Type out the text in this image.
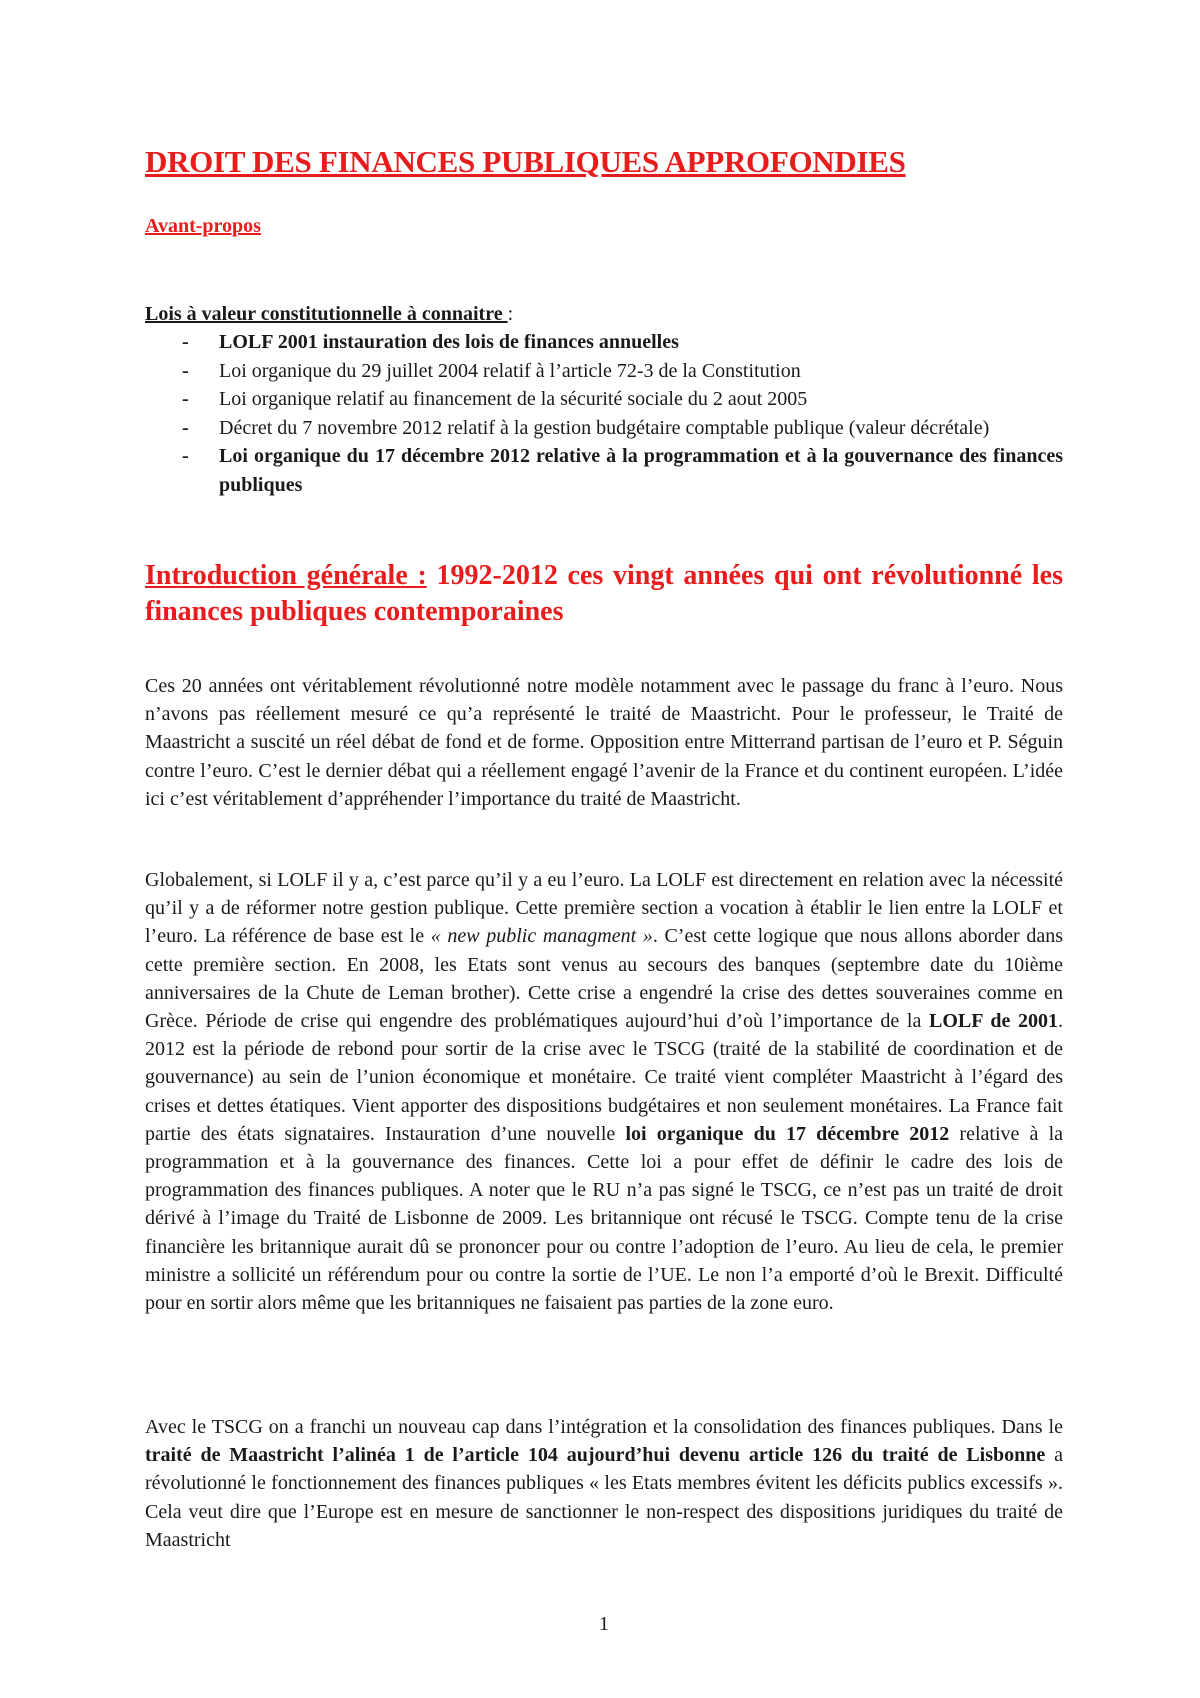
DROIT DES FINANCES PUBLIQUES APPROFONDIES

Avant-propos

Lois à valeur constitutionnelle à connaitre :

- LOLF 2001 instauration des lois de finances annuelles
- Loi organique du 29 juillet 2004 relatif à l’article 72-3 de la Constitution
- Loi organique relatif au financement de la sécurité sociale du 2 aout 2005
- Décret du 7 novembre 2012 relatif à la gestion budgétaire comptable publique (valeur décrétale)
- Loi organique du 17 décembre 2012 relative à la programmation et à la gouvernance des finances publiques
Introduction générale : 1992-2012 ces vingt années qui ont révolutionné les finances publiques contemporaines

Ces 20 années ont véritablement révolutionné notre modèle notamment avec le passage du franc à l’euro. Nous n’avons pas réellement mesuré ce qu’a représenté le traité de Maastricht. Pour le professeur, le Traité de Maastricht a suscité un réel débat de fond et de forme. Opposition entre Mitterrand partisan de l’euro et P. Séguin contre l’euro. C’est le dernier débat qui a réellement engagé l’avenir de la France et du continent européen. L’idée ici c’est véritablement d’appréhender l’importance du traité de Maastricht.

Globalement, si LOLF il y a, c’est parce qu’il y a eu l’euro. La LOLF est directement en relation avec la nécessité qu’il y a de réformer notre gestion publique. Cette première section a vocation à établir le lien entre la LOLF et l’euro. La référence de base est le « new public managment ». C’est cette logique que nous allons aborder dans cette première section. En 2008, les Etats sont venus au secours des banques (septembre date du 10ième anniversaires de la Chute de Leman brother). Cette crise a engendré la crise des dettes souveraines comme en Grèce. Période de crise qui engendre des problématiques aujourd’hui d’où l’importance de la LOLF de 2001. 2012 est la période de rebond pour sortir de la crise avec le TSCG (traité de la stabilité de coordination et de gouvernance) au sein de l’union économique et monétaire. Ce traité vient compléter Maastricht à l’égard des crises et dettes étatiques. Vient apporter des dispositions budgétaires et non seulement monétaires. La France fait partie des états signataires. Instauration d’une nouvelle loi organique du 17 décembre 2012 relative à la programmation et à la gouvernance des finances. Cette loi a pour effet de définir le cadre des lois de programmation des finances publiques. A noter que le RU n’a pas signé le TSCG, ce n’est pas un traité de droit dérivé à l’image du Traité de Lisbonne de 2009. Les britannique ont récusé le TSCG. Compte tenu de la crise financière les britannique aurait dû se prononcer pour ou contre l’adoption de l’euro. Au lieu de cela, le premier ministre a sollicité un référendum pour ou contre la sortie de l’UE. Le non l’a emporté d’où le Brexit. Difficulté pour en sortir alors même que les britanniques ne faisaient pas parties de la zone euro.

Avec le TSCG on a franchi un nouveau cap dans l’intégration et la consolidation des finances publiques. Dans le traité de Maastricht l’alinéa 1 de l’article 104 aujourd’hui devenu article 126 du traité de Lisbonne a révolutionné le fonctionnement des finances publiques « les Etats membres évitent les déficits publics excessifs ». Cela veut dire que l’Europe est en mesure de sanctionner le non-respect des dispositions juridiques du traité de Maastricht

1
